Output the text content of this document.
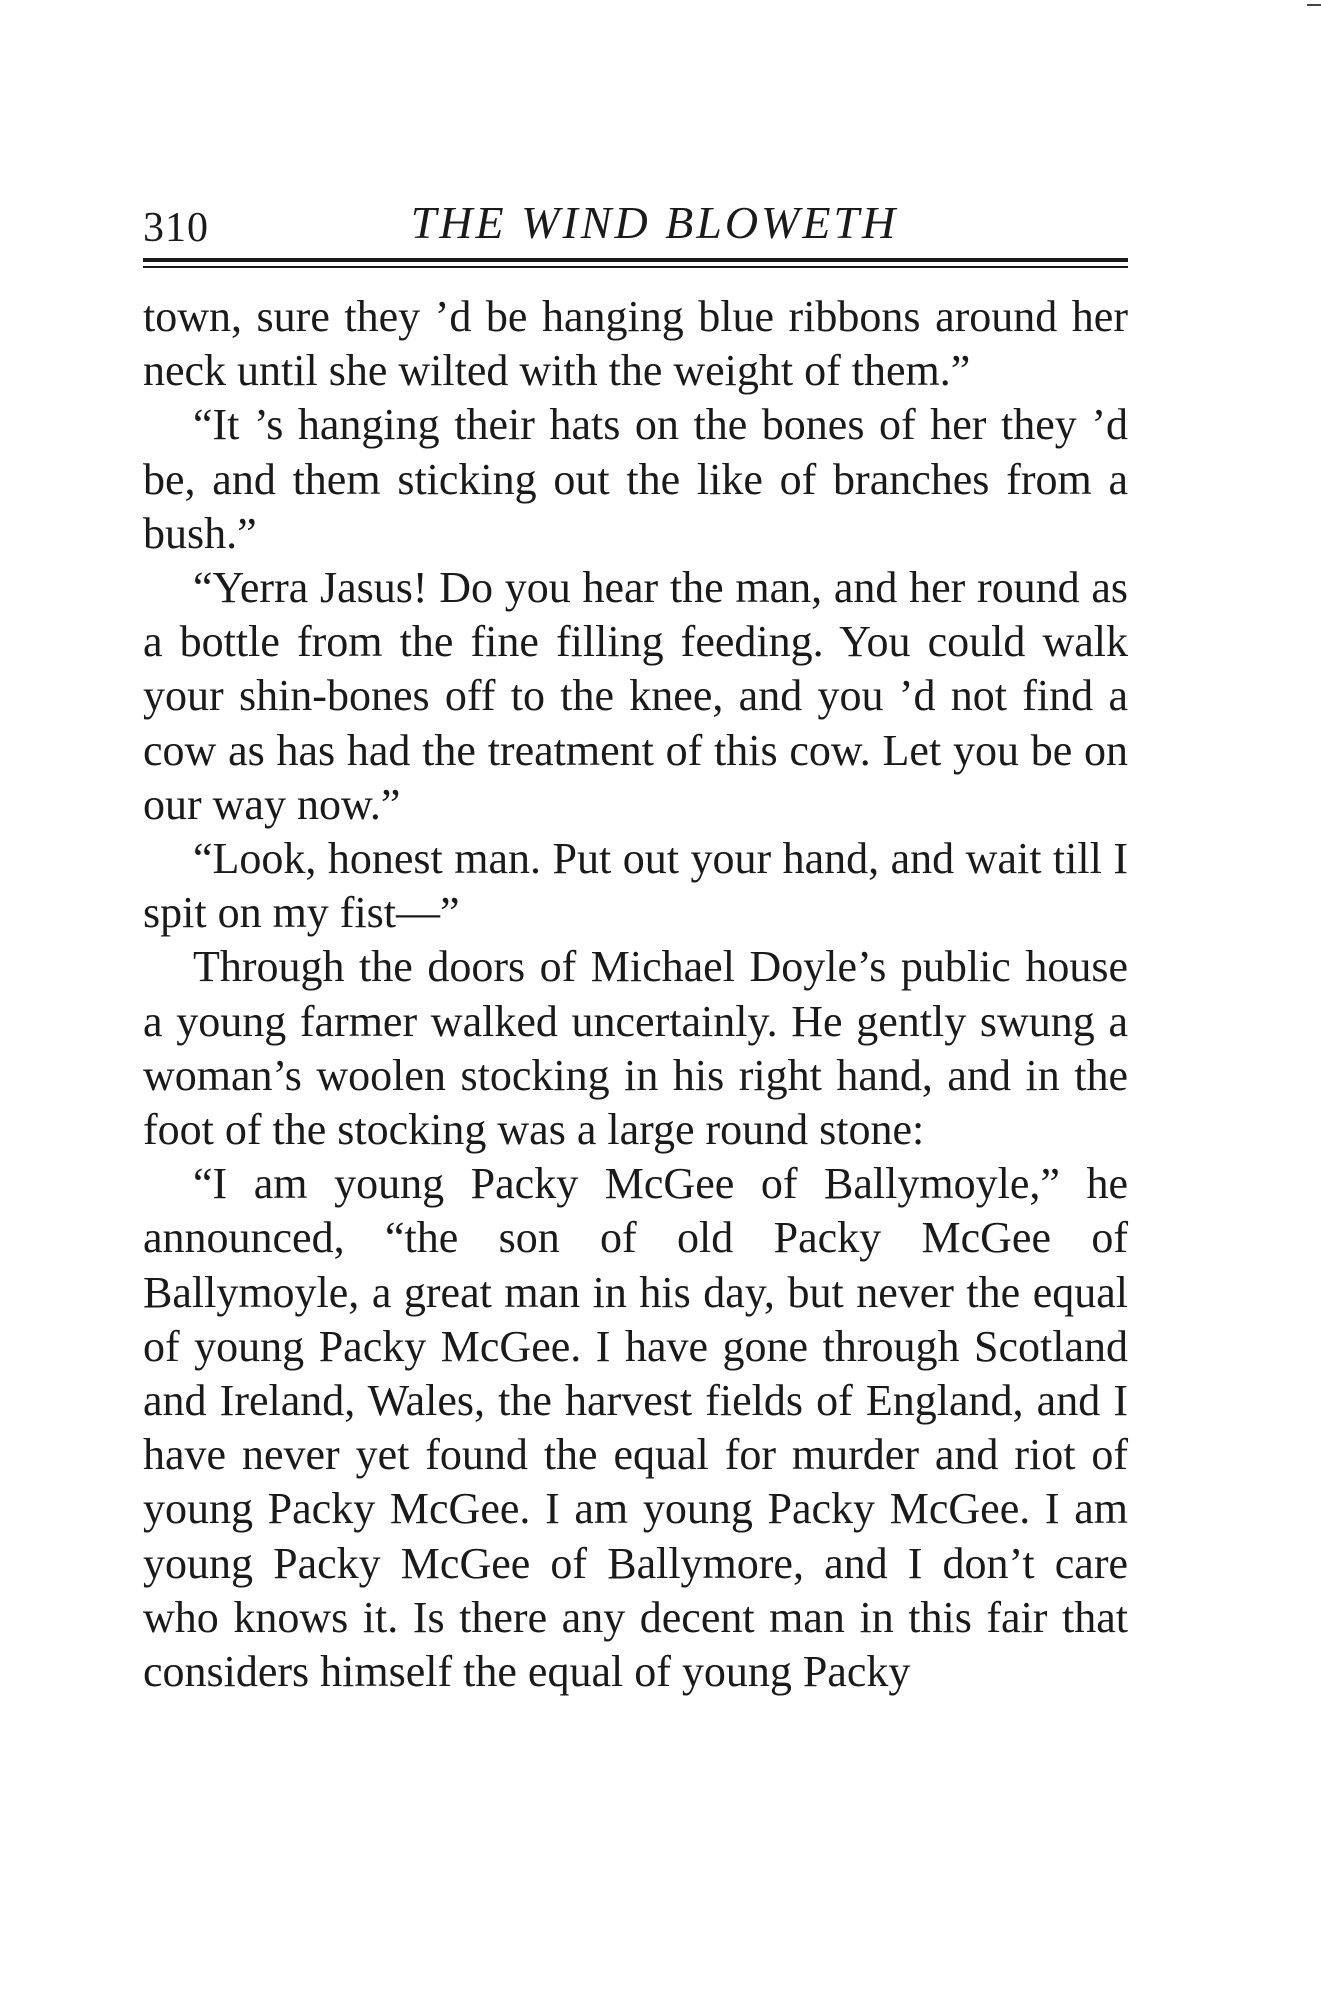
310	THE WIND BLOWETH

town, sure they ’d be hanging blue ribbons around her neck until she wilted with the weight of them.”

“It ’s hanging their hats on the bones of her they ’d be, and them sticking out the like of branches from a bush.”

“Yerra Jasus! Do you hear the man, and her round as a bottle from the fine filling feeding. You could walk your shin-bones off to the knee, and you ’d not find a cow as has had the treatment of this cow. Let you be on our way now.”

“Look, honest man. Put out your hand, and wait till I spit on my fist—”

Through the doors of Michael Doyle’s public house a young farmer walked uncertainly. He gently swung a woman’s woolen stocking in his right hand, and in the foot of the stocking was a large round stone:

“I am young Packy McGee of Ballymoyle,” he announced, “the son of old Packy McGee of Ballymoyle, a great man in his day, but never the equal of young Packy McGee. I have gone through Scotland and Ireland, Wales, the harvest fields of England, and I have never yet found the equal for murder and riot of young Packy McGee. I am young Packy McGee. I am young Packy McGee of Ballymore, and I don’t care who knows it. Is there any decent man in this fair that considers himself the equal of young Packy
